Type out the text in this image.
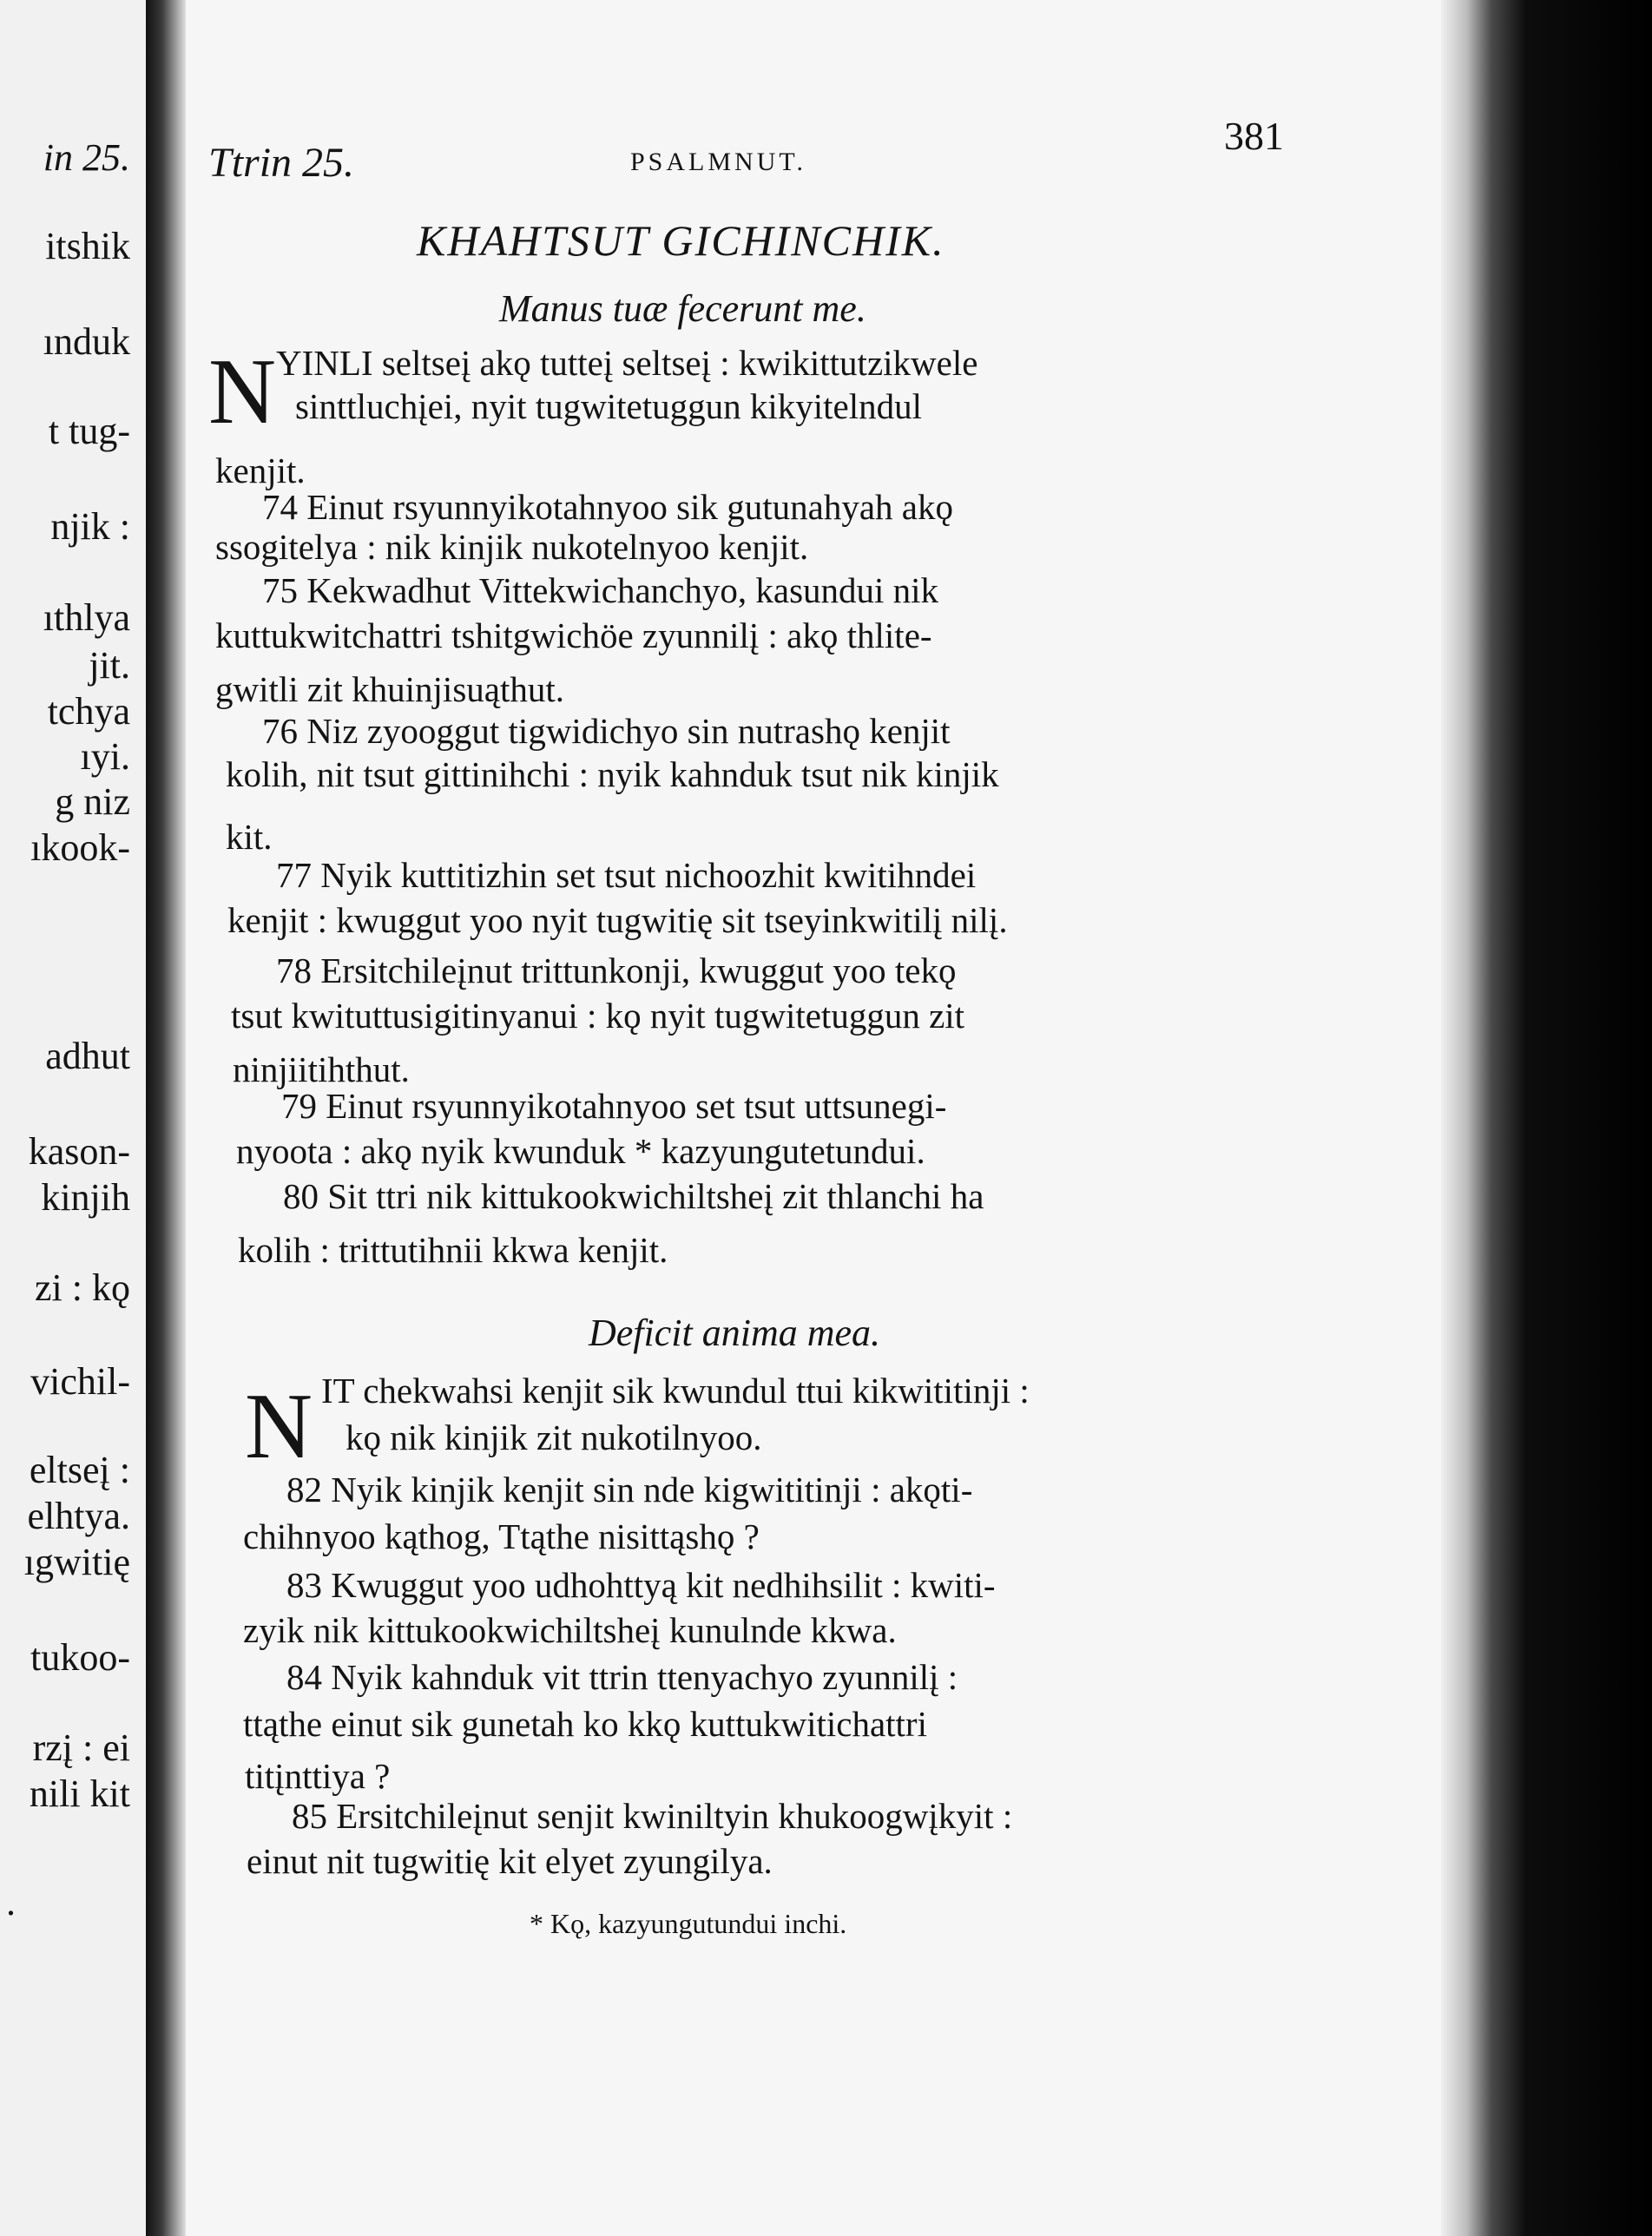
in 25.
itshik
ınduk
t tug-
njik :
ıthlya
jit.
tchya
ıyi.
g niz
ıkook-
adhut
kason-
kinjih
zi : kǫ
vichil-
eltseį :
elhtya.
ıgwitię
tukoo-
rzį : ei
nili kit
.
Ttrin 25.	PSALMNUT.
381
KHAHTSUT GICHINCHIK.
Manus tuæ fecerunt me.
N YINLI seltseį akǫ tutteį seltseį : kwikittutzikwele
sinttluchįei, nyit tugwitetuggun kikyitelndul
kenjit.
74 Einut rsyunnyikotahnyoo sik gutunahyah akǫ
ssogitelya : nik kinjik nukotelnyoo kenjit.
75 Kekwadhut Vittekwichanchyo, kasundui nik
kuttukwitchattri tshitgwichöe zyunnilį : akǫ thlite-
gwitli zit khuinjisuąthut.
76 Niz zyooggut tigwidichyo sin nutrashǫ kenjit
kolih, nit tsut gittinihchi : nyik kahnduk tsut nik kinjik
kit.
77 Nyik kuttitizhin set tsut nichoozhit kwitihndei
kenjit : kwuggut yoo nyit tugwitię sit tseyinkwitilį nilį.
78 Ersitchileįnut trittunkonji, kwuggut yoo tekǫ
tsut kwituttusigitinyanui : kǫ nyit tugwitetuggun zit
ninjiitihthut.
79 Einut rsyunnyikotahnyoo set tsut uttsunegi-
nyoota : akǫ nyik kwunduk * kazyungutetundui.
80 Sit ttri nik kittukookwichiltsheį zit thlanchi ha
kolih : trittutihnii kkwa kenjit.
Deficit anima mea.
N IT chekwahsi kenjit sik kwundul ttui kikwititinji :
kǫ nik kinjik zit nukotilnyoo.
82 Nyik kinjik kenjit sin nde kigwititinji : akǫti-
chihnyoo kąthog, Ttąthe nisittąshǫ ?
83 Kwuggut yoo udhohttyą kit nedhihsilit : kwiti-
zyik nik kittukookwichiltsheį kunulnde kkwa.
84 Nyik kahnduk vit ttrin ttenyachyo zyunnilį :
ttąthe einut sik gunetah ko kkǫ kuttukwitichattri
titįnttiya ?
85 Ersitchileįnut senjit kwiniltyin khukoogwįkyit :
einut nit tugwitię kit elyet zyungilya.
* Kǫ, kazyungutundui inchi.
